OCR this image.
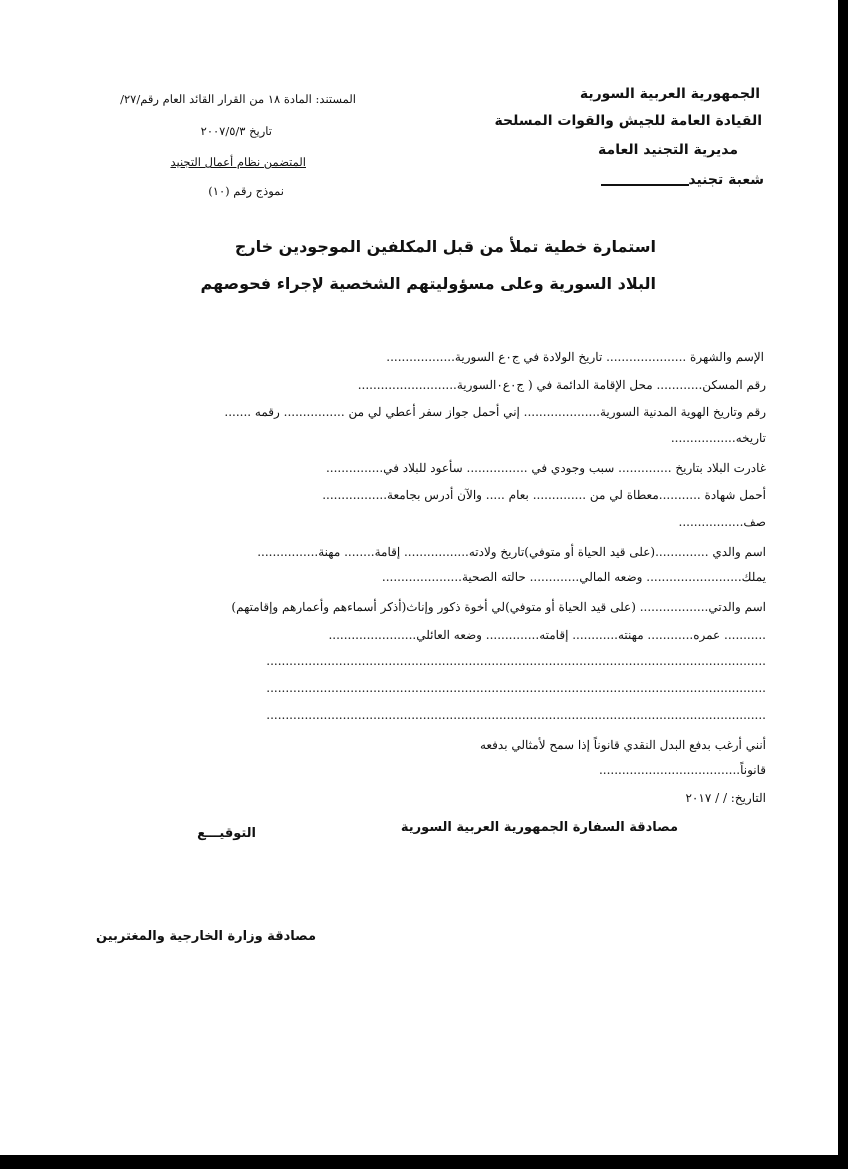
الجمهورية العربية السورية
القيادة العامة للجيش والقوات المسلحة
مديرية التجنيد العامة
شعبة تجنيد
المستند: المادة ١٨ من القرار القائد العام رقم/٢٧/
تاريخ ٢٠٠٧/٥/٣
المتضمن نظام أعمال التجنيد
نموذج رقم (١٠)
استمارة خطية تملأ من قبل المكلفين الموجودين خارج
البلاد السورية وعلى مسؤوليتهم الشخصية لإجراء فحوصهم
الإسم والشهرة ..................... تاريخ الولادة في ج٠ع السورية..................
رقم المسكن............ محل الإقامة الدائمة في ( ج٠ع٠السورية..........................
رقم وتاريخ الهوية المدنية السورية.................... إني أحمل جواز سفر أعطي لي من ................ رقمه .......
تاريخه.................
غادرت البلاد بتاريخ .............. سبب وجودي في ................ سأعود للبلاد في...............
أحمل شهادة ...........معطاة لي من .............. بعام ..... والآن أدرس بجامعة.................
صف.................
اسم والدي ..............(على قيد الحياة أو متوفي)تاريخ ولادته................. إقامة........ مهنة................
يملك......................... وضعه المالي............. حالته الصحية.....................
اسم والدتي.................. (على قيد الحياة أو متوفي)لي أخوة ذكور وإناث(أذكر أسماءهم وأعمارهم وإقامتهم)
........... عمره............ مهنته............ إقامته.............. وضعه العائلي.......................
...................................................................................................................................
...................................................................................................................................
...................................................................................................................................
أنني أرغب بدفع البدل النقدي قانوناً إذا سمح لأمثالي بدفعه
قانوناً.....................................
التاريخ: / / ٢٠١٧
مصادقة السفارة الجمهورية العربية السورية
التوقيـــع
مصادقة وزارة الخارجية والمغتربين
